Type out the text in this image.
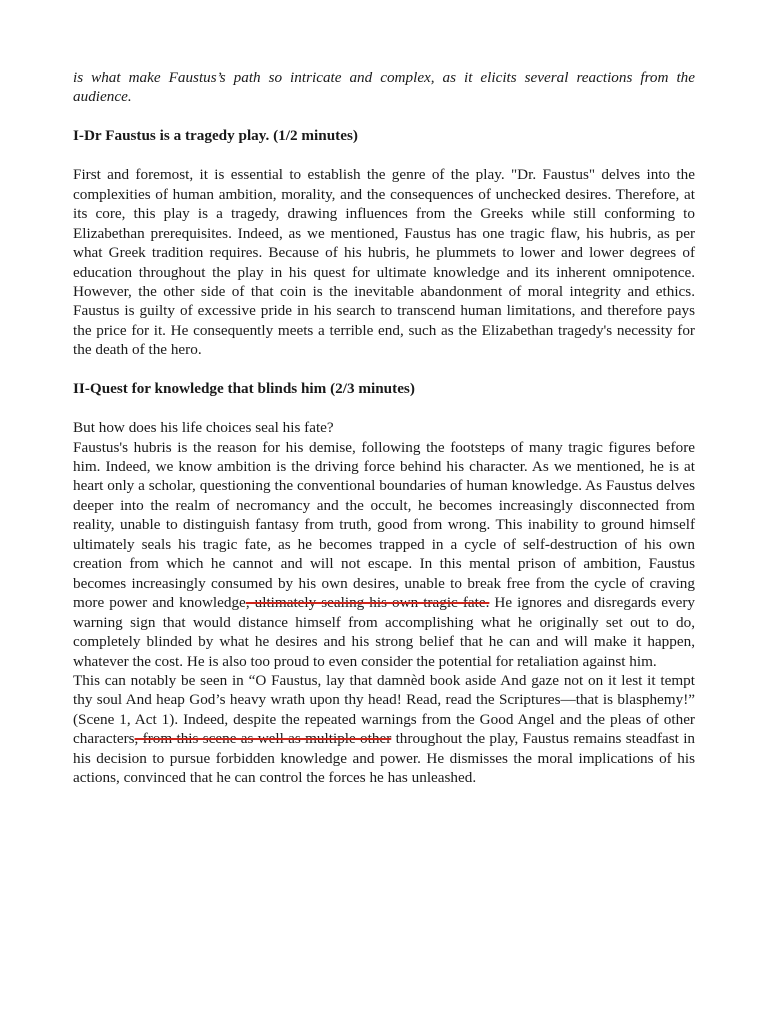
is what make Faustus’s path so intricate and complex, as it elicits several reactions from the audience.

I-Dr Faustus is a tragedy play. (1/2 minutes)

First and foremost, it is essential to establish the genre of the play. "Dr. Faustus" delves into the complexities of human ambition, morality, and the consequences of unchecked desires. Therefore, at its core, this play is a tragedy, drawing influences from the Greeks while still conforming to Elizabethan prerequisites. Indeed, as we mentioned, Faustus has one tragic flaw, his hubris, as per what Greek tradition requires. Because of his hubris, he plummets to lower and lower degrees of education throughout the play in his quest for ultimate knowledge and its inherent omnipotence. However, the other side of that coin is the inevitable abandonment of moral integrity and ethics. Faustus is guilty of excessive pride in his search to transcend human limitations, and therefore pays the price for it. He consequently meets a terrible end, such as the Elizabethan tragedy's necessity for the death of the hero.

II-Quest for knowledge that blinds him (2/3 minutes)

But how does his life choices seal his fate?

Faustus's hubris is the reason for his demise, following the footsteps of many tragic figures before him. Indeed, we know ambition is the driving force behind his character. As we mentioned, he is at heart only a scholar, questioning the conventional boundaries of human knowledge. As Faustus delves deeper into the realm of necromancy and the occult, he becomes increasingly disconnected from reality, unable to distinguish fantasy from truth, good from wrong. This inability to ground himself ultimately seals his tragic fate, as he becomes trapped in a cycle of self-destruction of his own creation from which he cannot and will not escape. In this mental prison of ambition, Faustus becomes increasingly consumed by his own desires, unable to break free from the cycle of craving more power and knowledge, ultimately sealing his own tragic fate. He ignores and disregards every warning sign that would distance himself from accomplishing what he originally set out to do, completely blinded by what he desires and his strong belief that he can and will make it happen, whatever the cost. He is also too proud to even consider the potential for retaliation against him.

This can notably be seen in “O Faustus, lay that damnèd book aside And gaze not on it lest it tempt thy soul And heap God’s heavy wrath upon thy head! Read, read the Scriptures—that is blasphemy!” (Scene 1, Act 1). Indeed, despite the repeated warnings from the Good Angel and the pleas of other characters, from this scene as well as multiple other throughout the play, Faustus remains steadfast in his decision to pursue forbidden knowledge and power. He dismisses the moral implications of his actions, convinced that he can control the forces he has unleashed.
